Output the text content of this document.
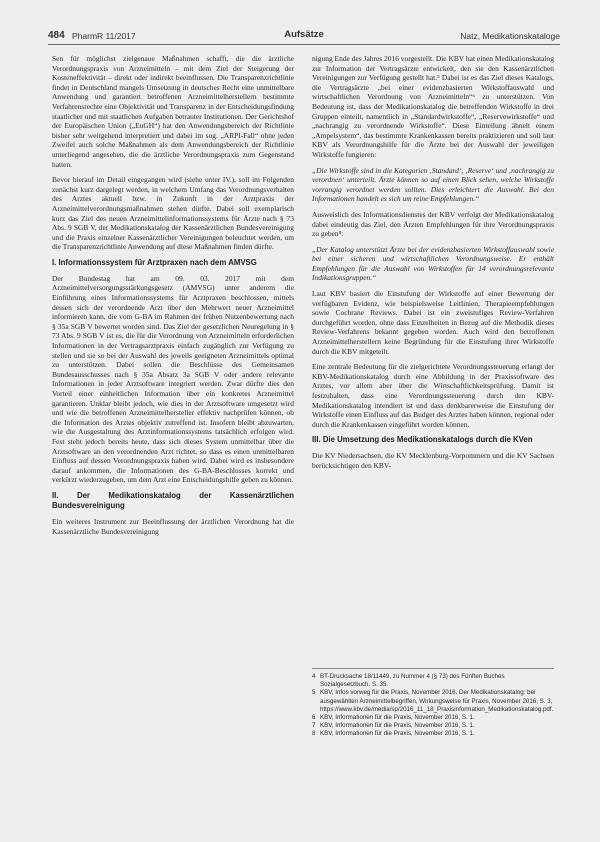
484 PharmR 11/2017	Aufsätze	Natz, Medikationskataloge

Sen für möglichst zielgenaue Maßnahmen schafft, die die ärztliche Verordnungspraxis von Arzneimitteln – mit dem Ziel der Steigerung der Kosteneffektivität – direkt oder indirekt beeinflussen. Die Transparenzrichtlinie findet in Deutschland mangels Umsetzung in deutsches Recht eine unmittelbare Anwendung und garantiert betroffenen Arzneimittelherstellern bestimmte Verfahrensrechte eine Objektivität und Transparenz in der Entscheidungsfindung staatlicher und mit staatlichen Aufgaben betrauter Institutionen. Der Gerichtshof der Europäischen Union („EuGH“) hat den Anwendungsbereich der Richtlinie bisher sehr weitgehend interpretiert und dabei im sog. „ARPI-Fall“ ohne jeden Zweifel auch solche Maßnahmen als dem Anwendungsbereich der Richtlinie unterliegend angesehen, die die ärztliche Verordnungspraxis zum Gegenstand hatten.

Bevor hierauf im Detail eingegangen wird (siehe unter IV.), soll im Folgenden zunächst kurz dargelegt werden, in welchem Umfang das Verordnungsverhalten des Arztes aktuell bzw. in Zukunft in der Arztpraxis der Arzneimittelverordnungsmaßnahmen stehen dürfte. Dabei soll exemplarisch kurz das Ziel des neuen Arzneimittelinformationssystems für Ärzte nach § 73 Abs. 9 SGB V, der Medikationskatalog der Kassenärztlichen Bundesvereinigung und die Praxis einzelner Kassenärztlicher Vereinigungen beleuchtet werden, um die Transparenzrichtlinie Anwendung auf diese Maßnahmen finden dürfte.

I. Informationssystem für Arztpraxen nach dem AMVSG

Der Bundestag hat am 09. 03. 2017 mit dem Arzneimittelversorgungsstärkungsgesetz (AMVSG) unter anderem die Einführung eines Informationssystems für Arztpraxen beschlossen, mittels dessen sich der verordnende Arzt über den Mehrwert neuer Arzneimittel informieren kann, die vom G-BA im Rahmen der frühen Nutzenbewertung nach § 35a SGB V bewertet worden sind. Das Ziel der gesetzlichen Neuregelung in § 73 Abs. 9 SGB V ist es, die für die Verordnung von Arzneimitteln erforderlichen Informationen in der Vertragsarztpraxis einfach zugänglich zur Verfügung zu stellen und sie so bei der Auswahl des jeweils geeigneten Arzneimittels optimal zu unterstützen. Dabei sollen die Beschlüsse des Gemeinsamen Bundesausschusses nach § 35a Absatz 3a SGB V oder andere relevante Informationen in jeder Arztsoftware integriert werden. Zwar dürfte dies den Vorteil einer einheitlichen Information über ein konkretes Arzneimittel garantieren. Unklar bleibt jedoch, wie dies in der Arztsoftware umgesetzt wird und wie die betroffenen Arzneimittelhersteller effektiv nachprüfen können, ob die Information des Arztes objektiv zutreffend ist. Insofern bleibt abzuwarten, wie die Ausgestaltung des Arztinformationssystems tatsächlich erfolgen wird. Fest steht jedoch bereits heute, dass sich dieses System unmittelbar über die Arztsoftware an den verordnenden Arzt richtet, so dass es einen unmittelbaren Einfluss auf dessen Verordnungspraxis haben wird. Dabei wird es insbesondere darauf ankommen, die Informationen des G-BA-Beschlusses korrekt und verkürzt wiederzugeben, um dem Arzt eine Entscheidungshilfe geben zu können.

II. Der Medikationskatalog der Kassenärztlichen Bundesvereinigung

Ein weiteres Instrument zur Beeinflussung der ärztlichen Verordnung hat die Kassenärztliche Bundesvereinigung

nigung Ende des Jahres 2016 vorgestellt. Die KBV hat einen Medikationskatalog zur Information der Vertragsärzte entwickelt, den sie den Kassenärztlichen Vereinigungen zur Verfügung gestellt hat.⁵ Dabei ist es das Ziel dieses Katalogs, die Vertragsärzte „bei einer evidenzbasierten Wirkstoffauswahl und wirtschaftlichen Verordnung von Arzneimitteln“⁶ zu unterstützen. Von Bedeutung ist, dass der Medikationskatalog die betreffenden Wirkstoffe in drei Gruppen einteilt, namentlich in „Standardwirkstoffe“, „Reservewirkstoffe“ und „nachrangig zu verordnende Wirkstoffe“. Diese Einteilung ähnelt einem „Ampelsystem“, das bestimmte Krankenkassen bereits praktizieren und soll laut KBV als Verordnungshilfe für die Ärzte bei der Auswahl der jeweiligen Wirkstoffe fungieren:

„Die Wirkstoffe sind in die Kategorien ‚Standard‘, ‚Reserve‘ und ‚nachrangig zu verordnen‘ unterteilt. Ärzte können so auf einen Blick sehen, welche Wirkstoffe vorrangig verordnet werden sollten. Dies erleichtert die Auswahl. Bei den Informationen handelt es sich um reine Empfehlungen.“

Ausweislich des Informationsdienstes der KBV verfolgt der Medikationskatalog dabei eindeutig das Ziel, den Ärzten Empfehlungen für ihre Verordnungspraxis zu geben⁸:

„Der Katalog unterstützt Ärzte bei der evidenzbasierten Wirkstoffauswahl sowie bei einer sicheren und wirtschaftlichen Verordnungsweise. Er enthält Empfehlungen für die Auswahl von Wirkstoffen für 14 verordnungsrelevante Indikationsgruppen.“

Laut KBV basiert die Einstufung der Wirkstoffe auf einer Bewertung der verfügbaren Evidenz, wie beispielsweise Leitlinien, Therapieempfehlungen sowie Cochrane Reviews. Dabei ist ein zweistufiges Review-Verfahren durchgeführt worden, ohne dass Einzelheiten in Bezug auf die Methodik dieses Review-Verfahrens bekannt gegeben worden. Auch wird den betroffenen Arzneimittelherstellern keine Begründung für die Einstufung ihrer Wirkstoffe durch die KBV mitgeteilt.

Eine zentrale Bedeutung für die zielgerichtete Verordnungssteuerung erlangt der KBV-Medikationskatalog durch eine Abbildung in der Praxissoftware des Arztes, vor allem aber über die Wirtschaftlichkeitsprüfung. Damit ist festzuhalten, dass eine Verordnungssteuerung durch den KBV-Medikationskatalog intendiert ist und dass denkbarerweise die Einstufung der Wirkstoffe einen Einfluss auf das Budget des Arztes haben können, regional oder durch die Krankenkassen eingeführt worden können.

III. Die Umsetzung des Medikationskatalogs durch die KVen

Die KV Niedersachsen, die KV Mecklenburg-Vorpommern und die KV Sachsen berücksichtigen den KBV-

4 BT-Drucksache 18/11449, zu Nummer 4 (§ 73) des Fünften Buches Sozialgesetzbuch, S. 35.
5 KBV, Infos vorweg für die Praxis, November 2016, Der Medikationskatalog: bei ausgewählten Arzneimittelbegriffen, Wirkungsweise für Praxis, November 2016, S. 3, https://www.kbv.de/media/sp/2016_11_18_Praxisinformation_Medikationskatalog.pdf.
6 KBV, Informationen für die Praxis, November 2016, S. 1.
7 KBV, Informationen für die Praxis, November 2016, S. 1.
8 KBV, Informationen für die Praxis, November 2016, S. 1.
